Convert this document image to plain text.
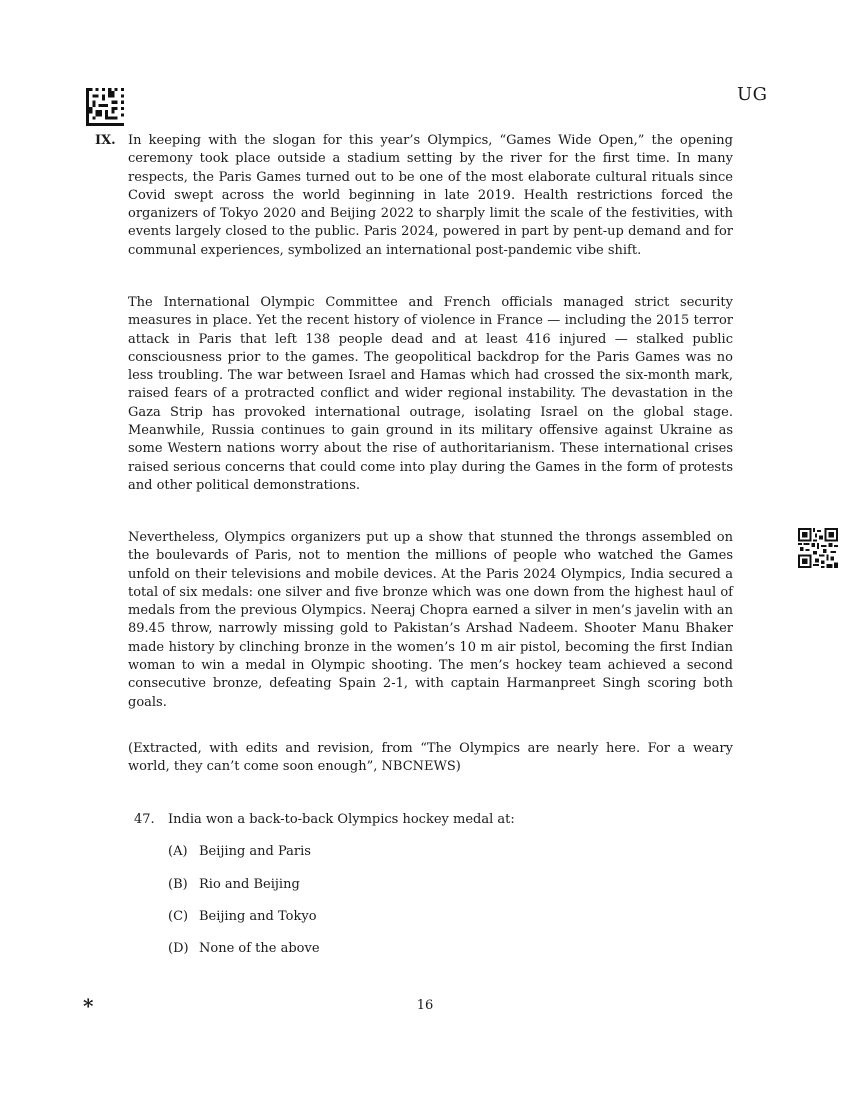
UG
IX. In keeping with the slogan for this year’s Olympics, “Games Wide Open,” the opening ceremony took place outside a stadium setting by the river for the first time. In many respects, the Paris Games turned out to be one of the most elaborate cultural rituals since Covid swept across the world beginning in late 2019. Health restrictions forced the organizers of Tokyo 2020 and Beijing 2022 to sharply limit the scale of the festivities, with events largely closed to the public. Paris 2024, powered in part by pent-up demand and for communal experiences, symbolized an international post-pandemic vibe shift.

The International Olympic Committee and French officials managed strict security measures in place. Yet the recent history of violence in France — including the 2015 terror attack in Paris that left 138 people dead and at least 416 injured — stalked public consciousness prior to the games. The geopolitical backdrop for the Paris Games was no less troubling. The war between Israel and Hamas which had crossed the six-month mark, raised fears of a protracted conflict and wider regional instability. The devastation in the Gaza Strip has provoked international outrage, isolating Israel on the global stage. Meanwhile, Russia continues to gain ground in its military offensive against Ukraine as some Western nations worry about the rise of authoritarianism. These international crises raised serious concerns that could come into play during the Games in the form of protests and other political demonstrations.

Nevertheless, Olympics organizers put up a show that stunned the throngs assembled on the boulevards of Paris, not to mention the millions of people who watched the Games unfold on their televisions and mobile devices. At the Paris 2024 Olympics, India secured a total of six medals: one silver and five bronze which was one down from the highest haul of medals from the previous Olympics. Neeraj Chopra earned a silver in men’s javelin with an 89.45 throw, narrowly missing gold to Pakistan’s Arshad Nadeem. Shooter Manu Bhaker made history by clinching bronze in the women’s 10 m air pistol, becoming the first Indian woman to win a medal in Olympic shooting. The men’s hockey team achieved a second consecutive bronze, defeating Spain 2-1, with captain Harmanpreet Singh scoring both goals.

(Extracted, with edits and revision, from “The Olympics are nearly here. For a weary world, they can’t come soon enough”, NBCNEWS)

47. India won a back-to-back Olympics hockey medal at:
(A) Beijing and Paris
(B) Rio and Beijing
(C) Beijing and Tokyo
(D) None of the above
*	16
